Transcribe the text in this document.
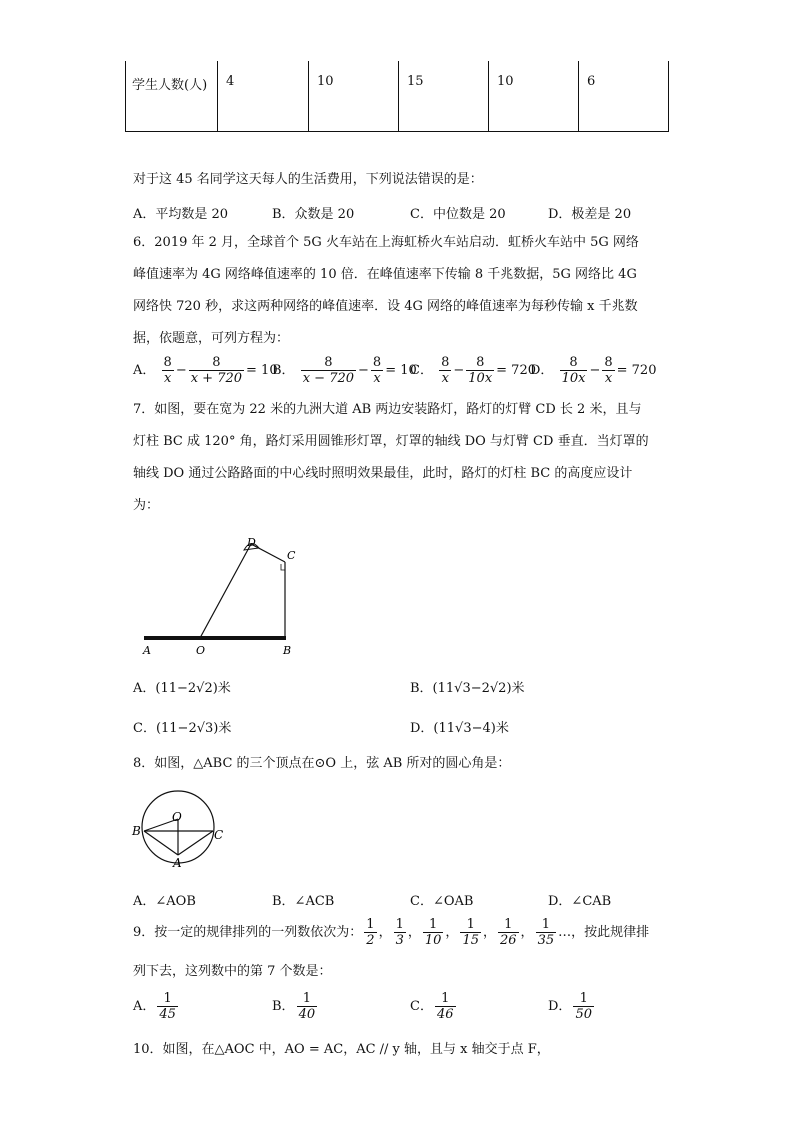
学生人数(人) 4	10	15	10	6
对于这 45 名同学这天每人的生活费用，下列说法错误的是：
A．平均数是 20	B．众数是 20	C．中位数是 20	D．极差是 20
6．2019 年 2 月，全球首个 5G 火车站在上海虹桥火车站启动．虹桥火车站中 5G 网络
峰值速率为 4G 网络峰值速率的 10 倍．在峰值速率下传输 8 千兆数据，5G 网络比 4G
网络快 720 秒，求这两种网络的峰值速率．设 4G 网络的峰值速率为每秒传输 x 千兆数
据，依题意，可列方程为：
A． $\frac{8}{x} - \frac{8}{x + 720} = 10$
B． $\frac{8}{x - 720} - \frac{8}{x} = 10$
C． $\frac{8}{x} - \frac{8}{10x} = 720$
D． $\frac{8}{10x} - \frac{8}{x} = 720$
7．如图，要在宽为 22 米的九洲大道 AB 两边安装路灯，路灯的灯臂 CD 长 2 米，且与
灯柱 BC 成 120° 角，路灯采用圆锥形灯罩，灯罩的轴线 DO 与灯臂 CD 垂直．当灯罩的
轴线 DO 通过公路路面的中心线时照明效果最佳，此时，路灯的灯柱 BC 的高度应设计
为：
D
C
A	O	B
A．(11−2√2)米	B．(11√3−2√2)米
C．(11−2√3)米	D．(11√3−4)米
8．如图，△ABC 的三个顶点在⊙O 上，弦 AB 所对的圆心角是：
O
B	C
A
A．∠AOB	B．∠ACB	C．∠OAB	D．∠CAB
9．按一定的规律排列的一列数依次为： $\frac{1}{2}$ ， $\frac{1}{3}$ ， $\frac{1}{10}$ ， $\frac{1}{15}$ ， $\frac{1}{26}$ ， $\frac{1}{35}$ …，按此规律排
列下去，这列数中的第 7 个数是：
A． $\frac{1}{45}$	B． $\frac{1}{40}$	C． $\frac{1}{46}$	D． $\frac{1}{50}$
10．如图，在△AOC 中，AO = AC，AC // y 轴，且与 x 轴交于点 F，
